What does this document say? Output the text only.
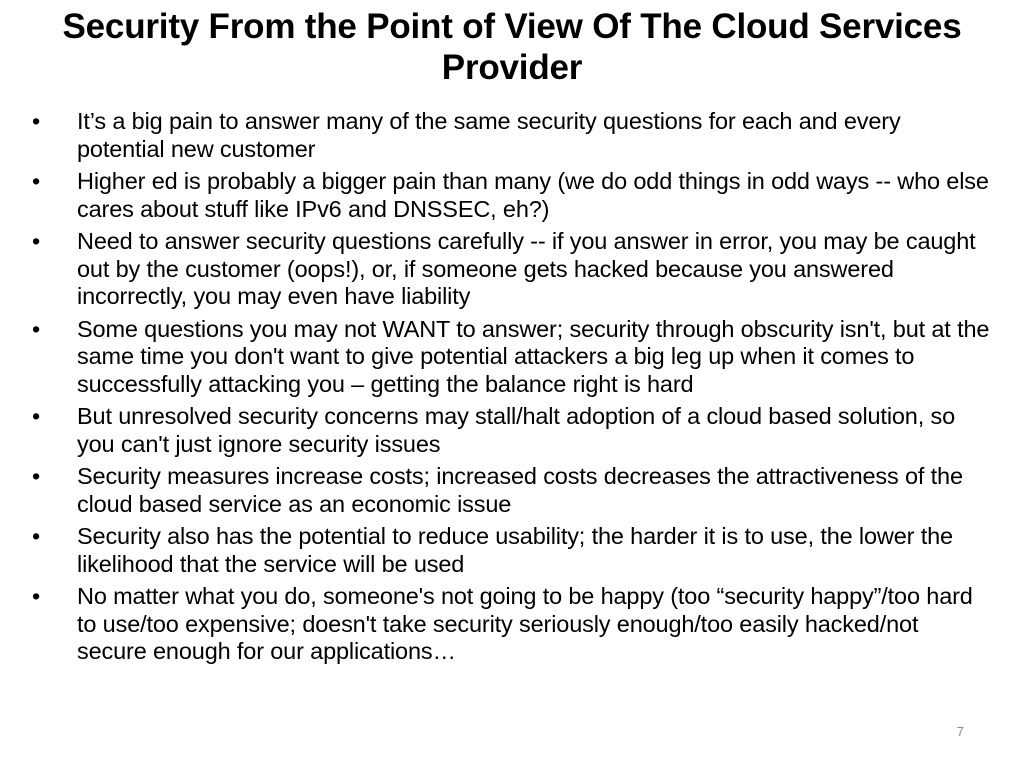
Security From the Point of View Of The Cloud Services Provider
•	It’s a big pain to answer many of the same security questions for each and every potential new customer
•	Higher ed is probably a bigger pain than many (we do odd things in odd ways -- who else cares about stuff like IPv6 and DNSSEC, eh?)
•	Need to answer security questions carefully -- if you answer in error, you may be caught out by the customer (oops!), or, if someone gets hacked because you answered incorrectly, you may even have liability
•	Some questions you may not WANT to answer; security through obscurity isn't, but at the same time you don't want to give potential attackers a big leg up when it comes to successfully attacking you – getting the balance right is hard
•	But unresolved security concerns may stall/halt adoption of a cloud based solution, so you can't just ignore security issues
•	Security measures increase costs; increased costs decreases the attractiveness of the cloud based service as an economic issue
•	Security also has the potential to reduce usability; the harder it is to use, the lower the likelihood that the service will be used
•	No matter what you do, someone's not going to be happy (too “security happy”/too hard to use/too expensive; doesn't take security seriously enough/too easily hacked/not secure enough for our applications…
7
